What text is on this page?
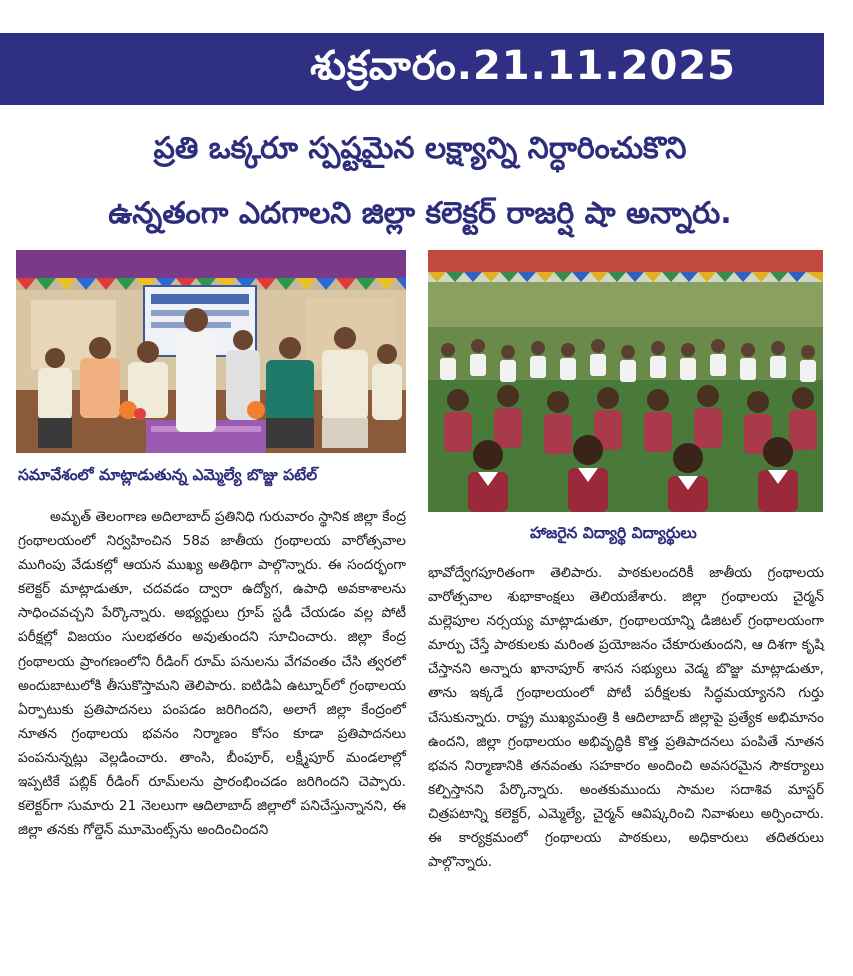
శుక్రవారం.21.11.2025
ప్రతి ఒక్కరూ స్పష్టమైన లక్ష్యాన్ని నిర్ధారించుకొని
ఉన్నతంగా ఎదగాలని జిల్లా కలెక్టర్ రాజర్షి షా అన్నారు.
సమావేశంలో మాట్లాడుతున్న ఎమ్మెల్యే బొజ్జు పటేల్
హాజరైన విద్యార్థి విద్యార్థులు
అమృత్ తెలంగాణ అదిలాబాద్ ప్రతినిధి గురువారం స్థానిక జిల్లా కేంద్ర గ్రంథాలయంలో నిర్వహించిన 58వ జాతీయ గ్రంథాలయ వారోత్సవాల ముగింపు వేడుకల్లో ఆయన ముఖ్య అతిథిగా పాల్గొన్నారు. ఈ సందర్భంగా కలెక్టర్ మాట్లాడుతూ, చదవడం ద్వారా ఉద్యోగ, ఉపాధి అవకాశాలను సాధించవచ్చని పేర్కొన్నారు. అభ్యర్థులు గ్రూప్ స్టడీ చేయడం వల్ల పోటీ పరీక్షల్లో విజయం సులభతరం అవుతుందని సూచించారు. జిల్లా కేంద్ర గ్రంథాలయ ప్రాంగణంలోని రీడింగ్ రూమ్ పనులను వేగవంతం చేసి త్వరలో అందుబాటులోకి తీసుకొస్తామని తెలిపారు. ఐటిడిఏ ఉట్నూర్‌లో గ్రంథాలయ ఏర్పాటుకు ప్రతిపాదనలు పంపడం జరిగిందని, అలాగే జిల్లా కేంద్రంలో నూతన గ్రంథాలయ భవనం నిర్మాణం కోసం కూడా ప్రతిపాదనలు పంపనున్నట్లు వెల్లడించారు. తాంసి, బీంపూర్, లక్ష్మీపూర్ మండలాల్లో ఇప్పటికే పబ్లిక్ రీడింగ్ రూమ్‌లను ప్రారంభించడం జరిగిందని చెప్పారు. కలెక్టర్‌గా సుమారు 21 నెలలుగా ఆదిలాబాద్ జిల్లాలో పనిచేస్తున్నానని, ఈ జిల్లా తనకు గోల్డెన్ మూమెంట్స్‌ను అందించిందని
భావోద్వేగపూరితంగా తెలిపారు. పాఠకులందరికీ జాతీయ గ్రంథాలయ వారోత్సవాల శుభాకాంక్షలు తెలియజేశారు. జిల్లా గ్రంథాలయ చైర్మన్ మల్లెపూల నర్సయ్య మాట్లాడుతూ, గ్రంథాలయాన్ని డిజిటల్ గ్రంథాలయంగా మార్పు చేస్తే పాఠకులకు మరింత ప్రయోజనం చేకూరుతుందని, ఆ దిశగా కృషి చేస్తానని అన్నారు ఖానాపూర్ శాసన సభ్యులు వెడ్మ బొజ్జు మాట్లాడుతూ, తాను ఇక్కడే గ్రంథాలయంలో పోటీ పరీక్షలకు సిద్ధమయ్యానని గుర్తు చేసుకున్నారు. రాష్ట్ర ముఖ్యమంత్రి కి ఆదిలాబాద్ జిల్లాపై ప్రత్యేక అభిమానం ఉందని, జిల్లా గ్రంథాలయం అభివృద్ధికి కొత్త ప్రతిపాదనలు పంపితే నూతన భవన నిర్మాణానికి తనవంతు సహకారం అందించి అవసరమైన సౌకర్యాలు కల్పిస్తానని పేర్కొన్నారు. అంతకుముందు సామల సదాశివ మాస్టర్ చిత్రపటాన్ని కలెక్టర్, ఎమ్మెల్యే, చైర్మన్ ఆవిష్కరించి నివాళులు అర్పించారు. ఈ కార్యక్రమంలో గ్రంథాలయ పాఠకులు, అధికారులు తదితరులు పాల్గొన్నారు.
